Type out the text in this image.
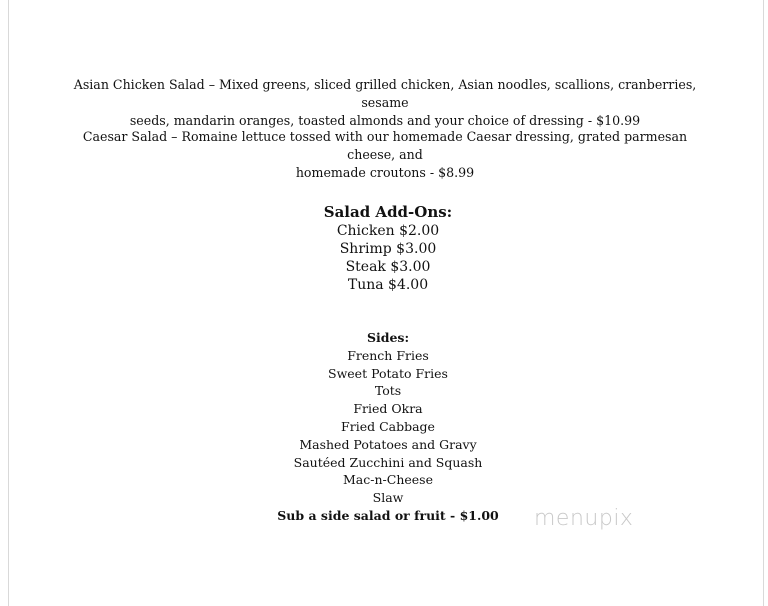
Asian Chicken Salad – Mixed greens, sliced grilled chicken, Asian noodles, scallions, cranberries, sesame
seeds, mandarin oranges, toasted almonds and your choice of dressing - $10.99
Caesar Salad – Romaine lettuce tossed with our homemade Caesar dressing, grated parmesan cheese, and
homemade croutons - $8.99
Salad Add-Ons:
Chicken $2.00
Shrimp $3.00
Steak $3.00
Tuna $4.00
Sides:
French Fries
Sweet Potato Fries
Tots
Fried Okra
Fried Cabbage
Mashed Potatoes and Gravy
Sautéed Zucchini and Squash
Mac-n-Cheese
Slaw
Sub a side salad or fruit - $1.00	menupix
